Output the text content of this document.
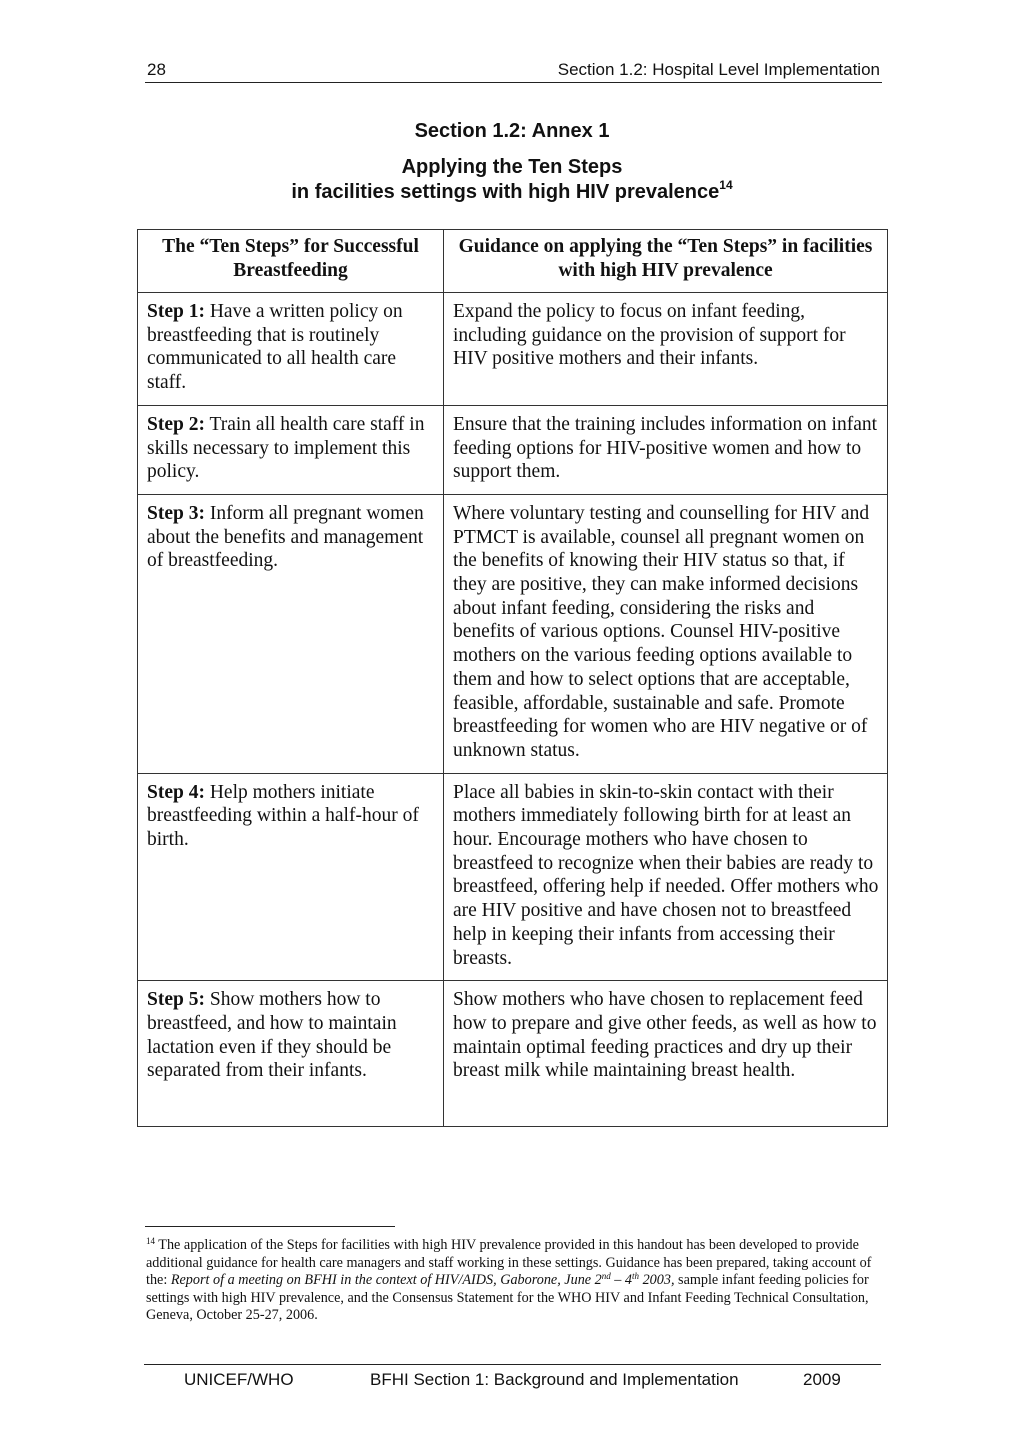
28	Section 1.2: Hospital Level Implementation

Section 1.2: Annex 1

Applying the Ten Steps

in facilities settings with high HIV prevalence$^{14}$

The “Ten Steps” for Successful Breastfeeding	Guidance on applying the “Ten Steps” in facilities with high HIV prevalence
Step 1: Have a written policy on breastfeeding that is routinely communicated to all health care staff.	Expand the policy to focus on infant feeding, including guidance on the provision of support for HIV positive mothers and their infants.
Step 2: Train all health care staff in skills necessary to implement this policy.	Ensure that the training includes information on infant feeding options for HIV-positive women and how to support them.
Step 3: Inform all pregnant women about the benefits and management of breastfeeding.	Where voluntary testing and counselling for HIV and PTMCT is available, counsel all pregnant women on the benefits of knowing their HIV status so that, if they are positive, they can make informed decisions about infant feeding, considering the risks and benefits of various options. Counsel HIV-positive mothers on the various feeding options available to them and how to select options that are acceptable, feasible, affordable, sustainable and safe. Promote breastfeeding for women who are HIV negative or of unknown status.
Step 4: Help mothers initiate breastfeeding within a half-hour of birth.	Place all babies in skin-to-skin contact with their mothers immediately following birth for at least an hour. Encourage mothers who have chosen to breastfeed to recognize when their babies are ready to breastfeed, offering help if needed. Offer mothers who are HIV positive and have chosen not to breastfeed help in keeping their infants from accessing their breasts.
Step 5: Show mothers how to breastfeed, and how to maintain lactation even if they should be separated from their infants.	Show mothers who have chosen to replacement feed how to prepare and give other feeds, as well as how to maintain optimal feeding practices and dry up their breast milk while maintaining breast health.
$^{14}$ The application of the Steps for facilities with high HIV prevalence provided in this handout has been developed to provide additional guidance for health care managers and staff working in these settings. Guidance has been prepared, taking account of the: Report of a meeting on BFHI in the context of HIV/AIDS, Gaborone, June 2nd – 4th 2003, sample infant feeding policies for settings with high HIV prevalence, and the Consensus Statement for the WHO HIV and Infant Feeding Technical Consultation, Geneva, October 25-27, 2006.
UNICEF/WHO	BFHI Section 1: Background and Implementation	2009
